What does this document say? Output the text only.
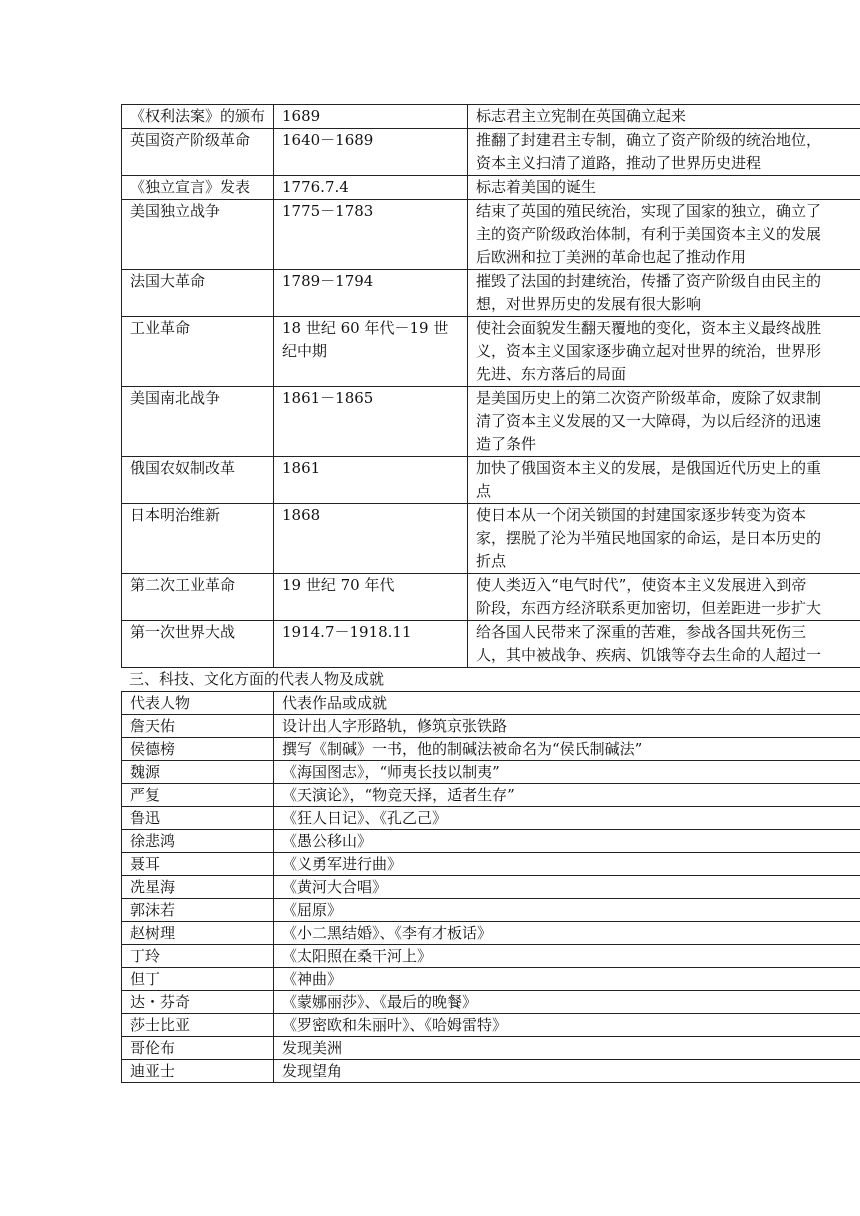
《权利法案》的颁布	1689	标志君主立宪制在英国确立起来

英国资产阶级革命	1640－1689	推翻了封建君主专制，确立了资产阶级的统治地位，
资本主义扫清了道路，推动了世界历史进程

《独立宣言》发表	1776.7.4	标志着美国的诞生

美国独立战争	1775－1783	结束了英国的殖民统治，实现了国家的独立，确立了
主的资产阶级政治体制，有利于美国资本主义的发展
后欧洲和拉丁美洲的革命也起了推动作用

法国大革命	1789－1794	摧毁了法国的封建统治，传播了资产阶级自由民主的
想，对世界历史的发展有很大影响

工业革命	18 世纪 60 年代－19 世纪中期	使社会面貌发生翻天覆地的变化，资本主义最终战胜
义，资本主义国家逐步确立起对世界的统治，世界形
先进、东方落后的局面

美国南北战争	1861－1865	是美国历史上的第二次资产阶级革命，废除了奴隶制
清了资本主义发展的又一大障碍，为以后经济的迅速
造了条件

俄国农奴制改革	1861	加快了俄国资本主义的发展，是俄国近代历史上的重
点

日本明治维新	1868	使日本从一个闭关锁国的封建国家逐步转变为资本
家，摆脱了沦为半殖民地国家的命运，是日本历史的
折点

第二次工业革命	19 世纪 70 年代	使人类迈入“电气时代”，使资本主义发展进入到帝
阶段，东西方经济联系更加密切，但差距进一步扩大

第一次世界大战	1914.7－1918.11	给各国人民带来了深重的苦难，参战各国共死伤三
人，其中被战争、疾病、饥饿等夺去生命的人超过一
三、科技、文化方面的代表人物及成就
代表人物	代表作品或成就
詹天佑	设计出人字形路轨，修筑京张铁路
侯德榜	撰写《制碱》一书，他的制碱法被命名为“侯氏制碱法”
魏源	《海国图志》，“师夷长技以制夷”
严复	《天演论》，“物竞天择，适者生存”
鲁迅	《狂人日记》、《孔乙己》
徐悲鸿	《愚公移山》
聂耳	《义勇军进行曲》
冼星海	《黄河大合唱》
郭沫若	《屈原》
赵树理	《小二黑结婚》、《李有才板话》
丁玲	《太阳照在桑干河上》
但丁	《神曲》
达・芬奇	《蒙娜丽莎》、《最后的晚餐》
莎士比亚	《罗密欧和朱丽叶》、《哈姆雷特》
哥伦布	发现美洲
迪亚士	发现望角
